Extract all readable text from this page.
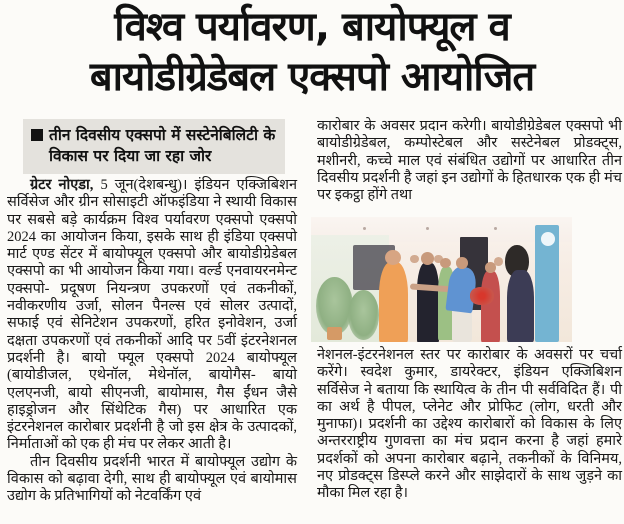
विश्व पर्यावरण, बायोफ्यूल व
बायोडीग्रेडेबल एक्सपो आयोजित
तीन दिवसीय एक्सपो में सस्टेनेबिलिटी के
विकास पर दिया जा रहा जोर
ग्रेटर नोएडा, 5 जून(देशबन्धु)। इंडियन एक्जिबिशन सर्विसेज और ग्रीन सोसाइटी ऑफइंडिया ने स्थायी विकास पर सबसे बड़े कार्यक्रम विश्व पर्यावरण एक्सपो एक्सपो 2024 का आयोजन किया, इसके साथ ही इंडिया एक्सपो मार्ट एण्ड सेंटर में बायोफ्यूल एक्सपो और बायोडीग्रेडेबल एक्सपो का भी आयोजन किया गया। वर्ल्ड एनवायरनमेन्ट एक्सपो- प्रदूषण नियन्त्रण उपकरणों एवं तकनीकों, नवीकरणीय उर्जा, सोलन पैनल्स एवं सोलर उत्पादों, सफाई एवं सेनिटेशन उपकरणों, हरित इनोवेशन, उर्जा दक्षता उपकरणों एवं तकनीकों आदि पर 5वीं इंटरनेशनल प्रदर्शनी है। बायो फ्यूल एक्सपो 2024 बायोफ्यूल (बायोडीजल, एथेनॉल, मेथेनॉल, बायोगैस- बायो एलएनजी, बायो सीएनजी, बायोमास, गैस ईंधन जैसे हाइड्रोजन और सिंथेटिक गैस) पर आधारित एक इंटरनेशनल कारोबार प्रदर्शनी है जो इस क्षेत्र के उत्पादकों, निर्माताओं को एक ही मंच पर लेकर आती है।
तीन दिवसीय प्रदर्शनी भारत में बायोफ्यूल उद्योग के विकास को बढ़ावा देगी, साथ ही बायोफ्यूल एवं बायोमास उद्योग के प्रतिभागियों को नेटवर्किंग एवं
कारोबार के अवसर प्रदान करेगी। बायोडीग्रेडेबल एक्सपो भी बायोडीग्रेडेबल, कम्पोस्टेबल और सस्टेनेबल प्रोडक्ट्स, मशीनरी, कच्चे माल एवं संबंधित उद्योगों पर आधारित तीन दिवसीय प्रदर्शनी है जहां इन उद्योगों के हितधारक एक ही मंच पर इकट्ठा होंगे तथा
नेशनल-इंटरनेशनल स्तर पर कारोबार के अवसरों पर चर्चा करेंगे। स्वदेश कुमार, डायरेक्टर, इंडियन एक्जिबिशन सर्विसेज ने बताया कि स्थायित्व के तीन पी सर्वविदित हैं। पी का अर्थ है पीपल, प्लेनेट और प्रोफिट (लोग, धरती और मुनाफा)। प्रदर्शनी का उद्देश्य कारोबारों को विकास के लिए अन्तरराष्ट्रीय गुणवत्ता का मंच प्रदान करना है जहां हमारे प्रदर्शकों को अपना कारोबार बढ़ाने, तकनीकों के विनिमय, नए प्रोडक्ट्स डिस्प्ले करने और साझेदारों के साथ जुड़ने का मौका मिल रहा है।
